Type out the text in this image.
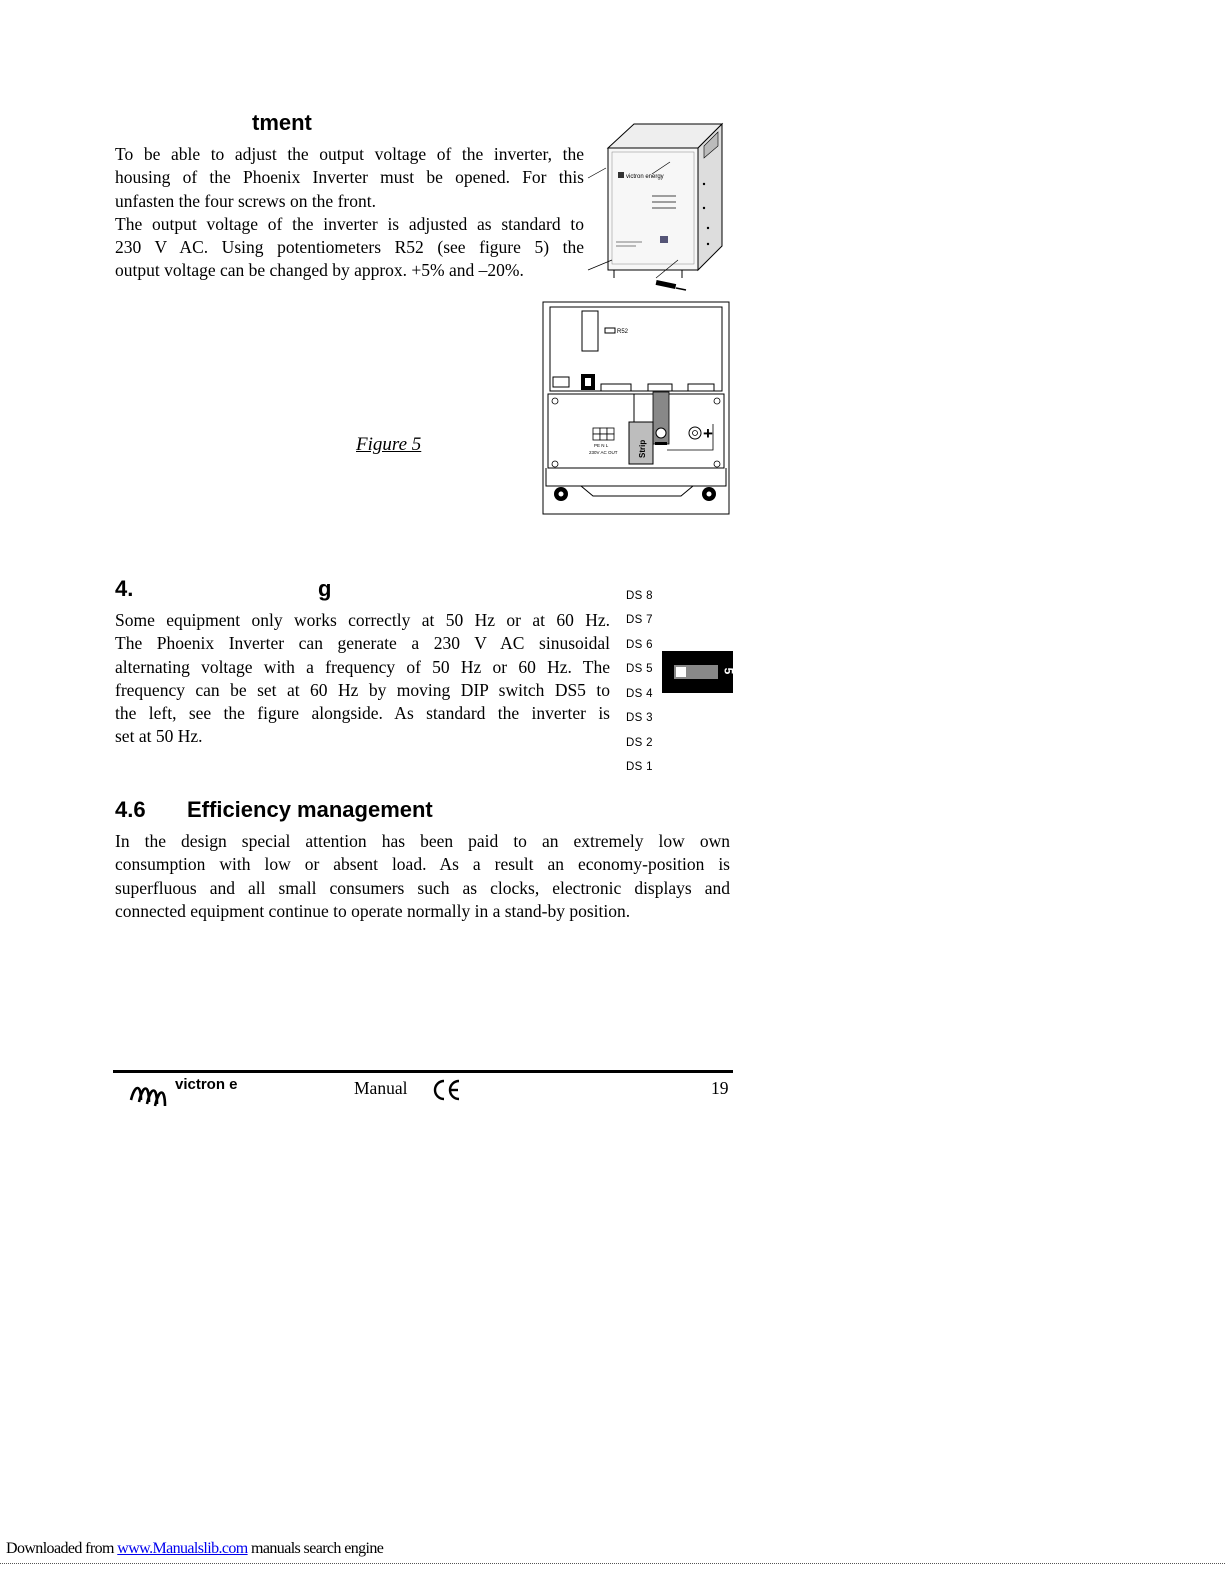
tment
To be able to adjust the output voltage of the inverter, the
housing of the Phoenix Inverter must be opened. For this
unfasten the four screws on the front.
The output voltage of the inverter is adjusted as standard to
230 V AC. Using potentiometers R52 (see figure 5) the
output voltage can be changed by approx. +5% and –20%.
victron energy
R52
Strip
+
PE N L
230V AC OUT
Figure 5
4.	g
Some equipment only works correctly at 50 Hz or at 60 Hz.
The Phoenix Inverter can generate a 230 V AC sinusoidal
alternating voltage with a frequency of 50 Hz or 60 Hz. The
frequency can be set at 60 Hz by moving DIP switch DS5 to
the left, see the figure alongside. As standard the inverter is
set at 50 Hz.
DS 8
DS 7
DS 6
DS 5
DS 4
DS 3
DS 2
DS 1
5
4.6 Efficiency management
In the design special attention has been paid to an extremely low own
consumption with low or absent load. As a result an economy-position is
superfluous and all small consumers such as clocks, electronic displays and
connected equipment continue to operate normally in a stand-by position.
victron e	Manual	19
Downloaded from www.Manualslib.com manuals search engine
